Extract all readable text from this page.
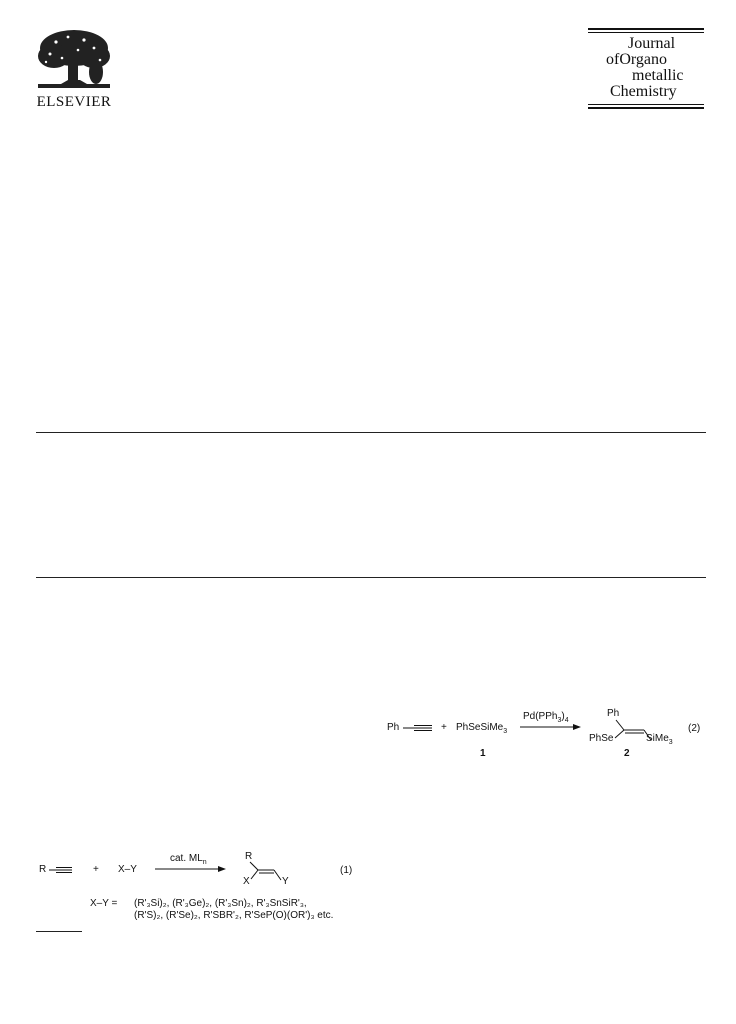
ELSEVIER
Journal
ofOrgano
metallic
Chemistry
Ph	+ PhSeSiMe$_3$
1
$Pd(PPh_3)_4$
Ph
PhSe	SiMe$_3$
2
(2)
R	+ X–Y
cat. $ML_n$
R
X	Y
(1)
X–Y = (R'₃Si)₂, (R'₃Ge)₂, (R'₃Sn)₂, R'₃SnSiR'₃,
(R'S)₂, (R'Se)₂, R'SBR'₂, R'SeP(O)(OR')₃ etc.
